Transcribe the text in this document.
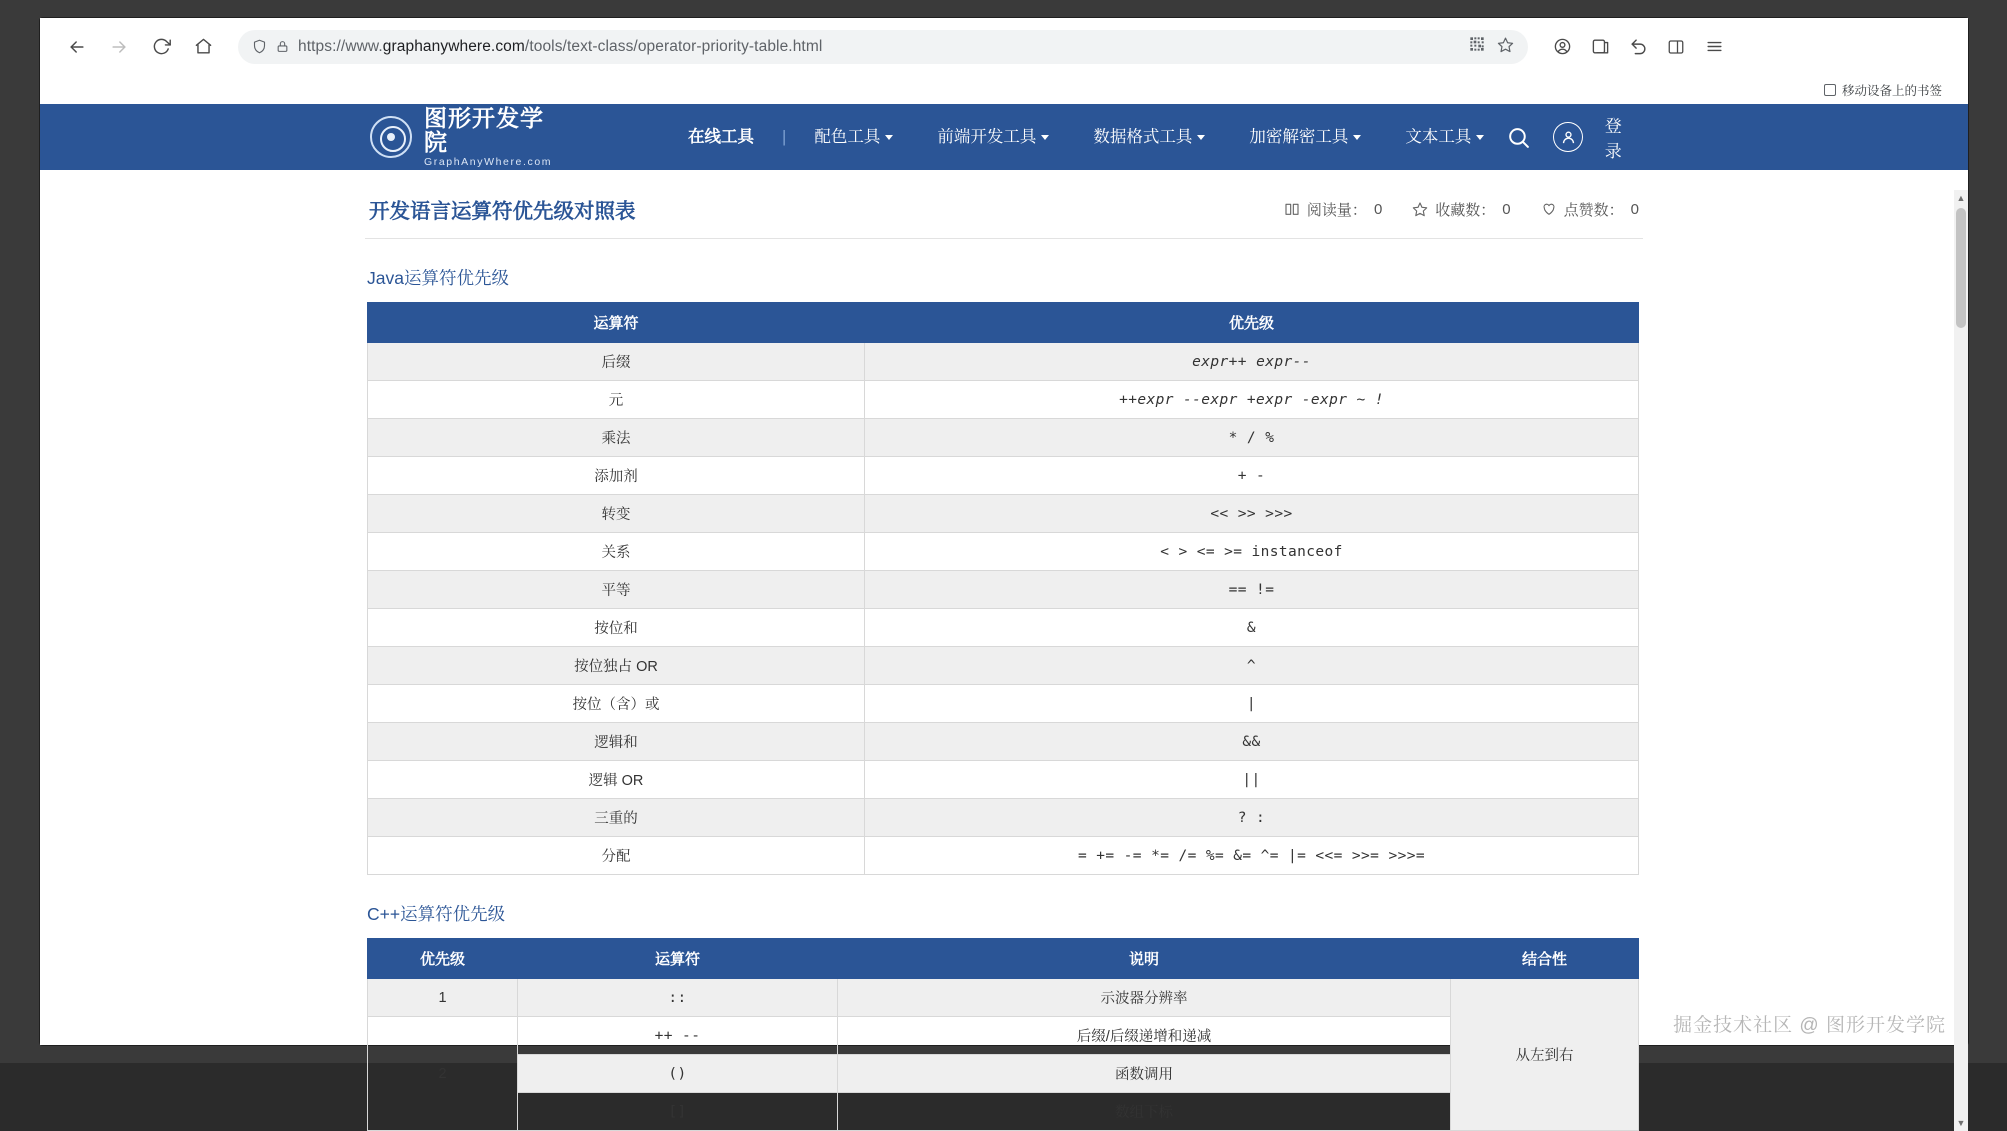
https://www.graphanywhere.com/tools/text-class/operator-priority-table.html
移动设备上的书签
图形开发学院
GraphAnyWhere.com
在线工具	|	配色工具	前端开发工具	数据格式工具	加密解密工具	文本工具
登录
开发语言运算符优先级对照表	阅读量： 0	收藏数： 0	点赞数： 0
Java运算符优先级
运算符	优先级
后缀	expr++ expr--
元	++expr --expr +expr -expr ~ !
乘法	* / %
添加剂	+ -
转变	<< >> >>>
关系	< > <= >= instanceof
平等	== !=
按位和	&
按位独占 OR	^
按位（含）或	|
逻辑和	&&
逻辑 OR	||
三重的	? :
分配	= += -= *= /= %= &= ^= |= <<= >>= >>>=
C++运算符优先级
优先级	运算符	说明	结合性
1	::	示波器分辨率	从左到右
2	++ --	后缀/后缀递增和递减	
	()	函数调用	
	[]	数组下标	
掘金技术社区 @ 图形开发学院
▲
▼
